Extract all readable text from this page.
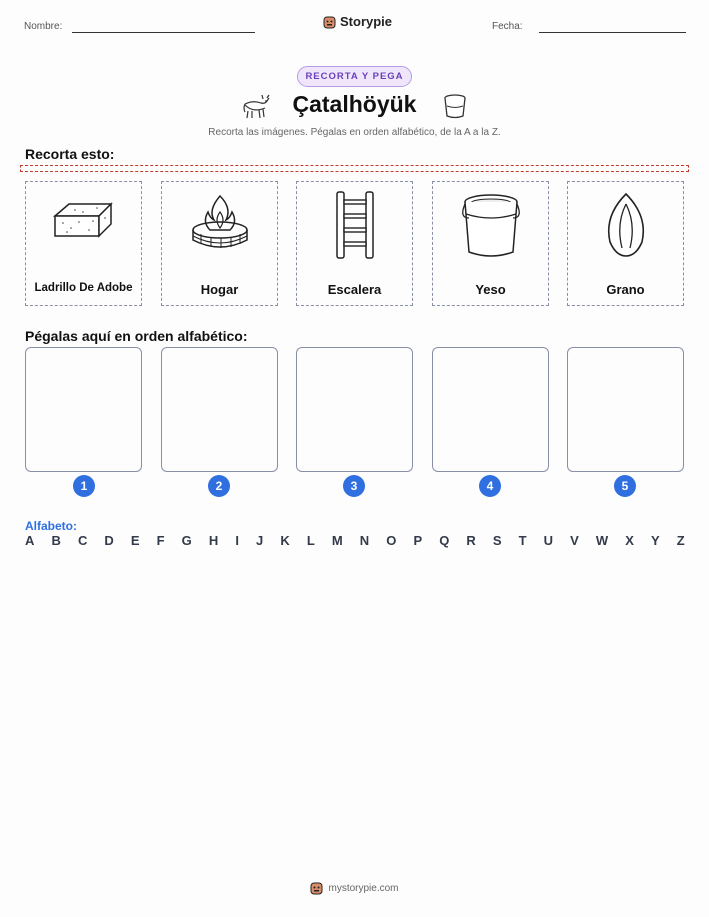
Nombre:	Storypie	Fecha:
RECORTA Y PEGA
Çatalhöyük
Recorta las imágenes. Pégalas en orden alfabético, de la A a la Z.
Recorta esto:
Ladrillo De Adobe	Hogar	Escalera	Yeso	Grano
Pégalas aquí en orden alfabético:
1	2	3	4	5
Alfabeto:
A B C D E F G H I J K L M N O P Q R S T U V W X Y Z
mystorypie.com
